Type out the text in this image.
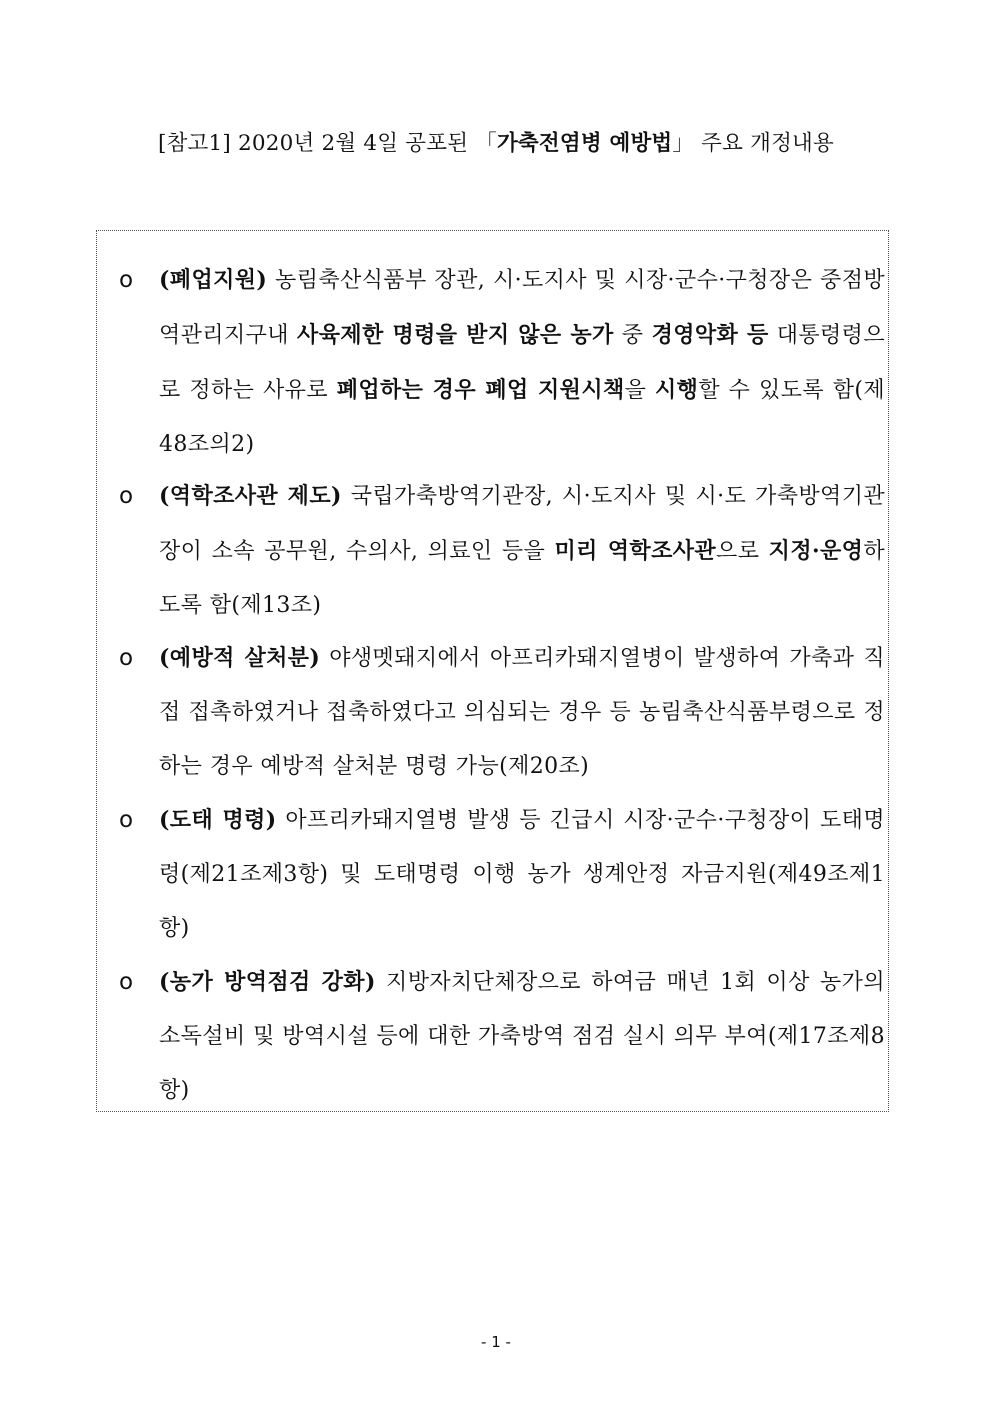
[참고1] 2020년 2월 4일 공포된 「가축전염병 예방법」 주요 개정내용
o (폐업지원) 농림축산식품부 장관, 시·도지사 및 시장·군수·구청장은 중점방역관리지구내 사육제한 명령을 받지 않은 농가 중 경영악화 등 대통령령으로 정하는 사유로 폐업하는 경우 폐업 지원시책을 시행할 수 있도록 함(제48조의2)
o (역학조사관 제도) 국립가축방역기관장, 시·도지사 및 시·도 가축방역기관장이 소속 공무원, 수의사, 의료인 등을 미리 역학조사관으로 지정·운영하도록 함(제13조)
o (예방적 살처분) 야생멧돼지에서 아프리카돼지열병이 발생하여 가축과 직접 접촉하였거나 접축하였다고 의심되는 경우 등 농림축산식품부령으로 정하는 경우 예방적 살처분 명령 가능(제20조)
o (도태 명령) 아프리카돼지열병 발생 등 긴급시 시장·군수·구청장이 도태명령(제21조제3항) 및 도태명령 이행 농가 생계안정 자금지원(제49조제1항)
o (농가 방역점검 강화) 지방자치단체장으로 하여금 매년 1회 이상 농가의 소독설비 및 방역시설 등에 대한 가축방역 점검 실시 의무 부여(제17조제8항)
- 1 -
